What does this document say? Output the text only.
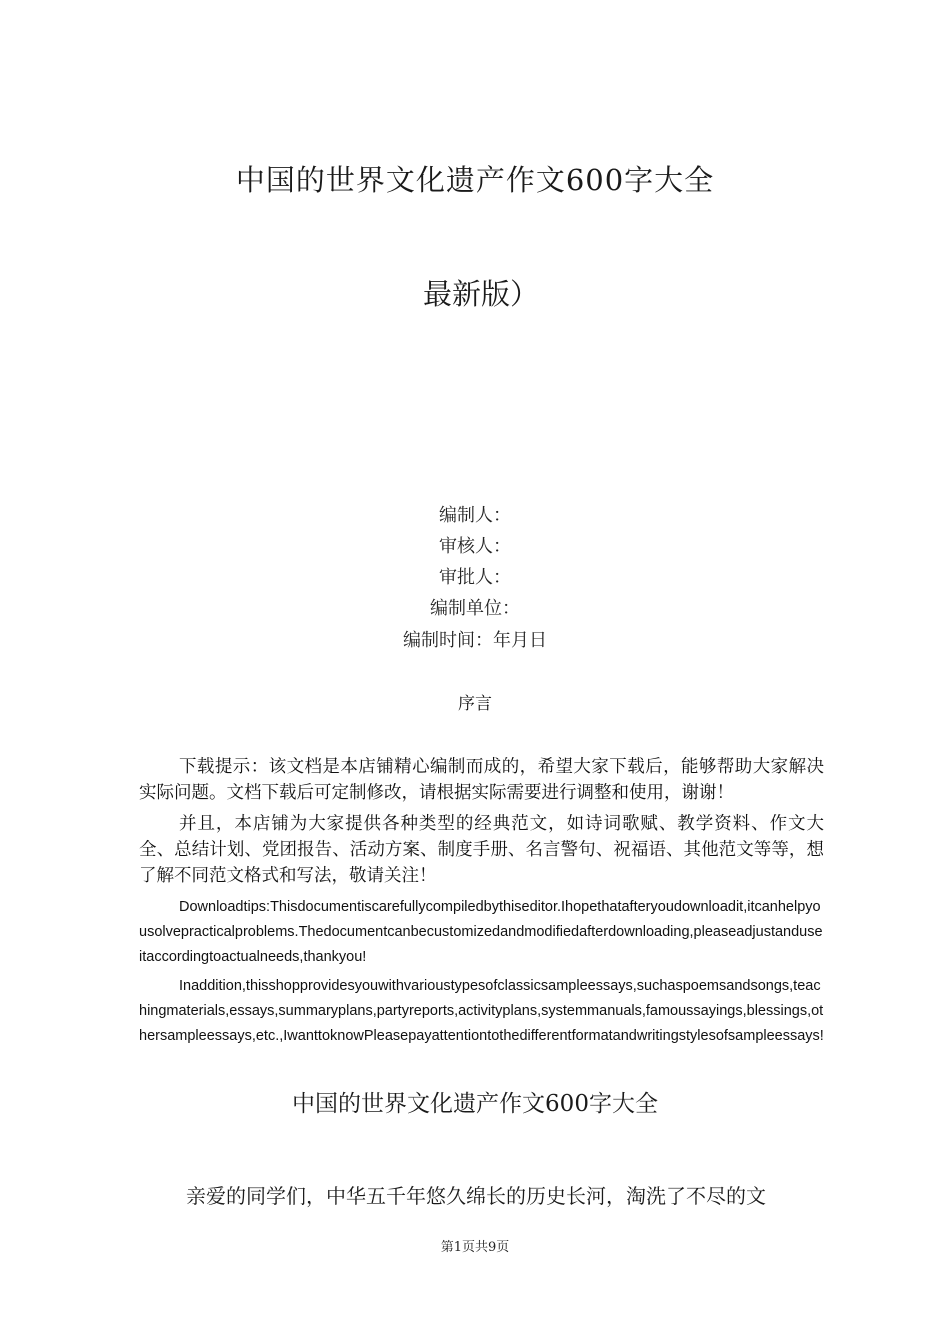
中国的世界文化遗产作文600字大全
最新版）
编制人：
审核人：
审批人：
编制单位：
编制时间：年月日
序言
下载提示：该文档是本店铺精心编制而成的，希望大家下载后，能够帮助大家解决实际问题。文档下载后可定制修改，请根据实际需要进行调整和使用，谢谢！
并且，本店铺为大家提供各种类型的经典范文，如诗词歌赋、教学资料、作文大全、总结计划、党团报告、活动方案、制度手册、名言警句、祝福语、其他范文等等，想了解不同范文格式和写法，敬请关注！
Downloadtips:Thisdocumentiscarefullycompiledbythiseditor.Ihopethatafteryoudownloadit,itcanhelpyousolvepracticalproblems.Thedocumentcanbecustomizedandmodifiedafterdownloading,pleaseadjustanduseitaccordingtoactualneeds,thankyou!
Inaddition,thisshopprovidesyouwithvarioustypesofclassicsampleessays,suchaspoemsandsongs,teachingmaterials,essays,summaryplans,partyreports,activityplans,systemmanuals,famoussayings,blessings,othersampleessays,etc.,IwanttoknowPleasepayattentiontothedifferentformatandwritingstylesofsampleessays!
中国的世界文化遗产作文600字大全
亲爱的同学们，中华五千年悠久绵长的历史长河，淘洗了不尽的文
第1页共9页
